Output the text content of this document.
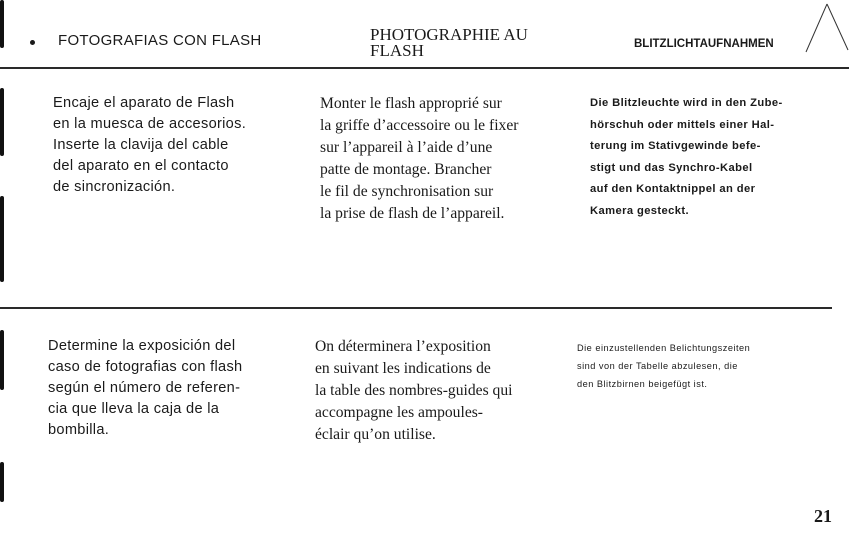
FOTOGRAFIAS CON FLASH	PHOTOGRAPHIE AU
FLASH	BLITZLICHTAUFNAHMEN
Encaje el aparato de Flash
en la muesca de accesorios.
Inserte la clavija del cable
del aparato en el contacto
de sincronización.
Monter le flash approprié sur
la griffe d’accessoire ou le fixer
sur l’appareil à l’aide d’une
patte de montage. Brancher
le fil de synchronisation sur
la prise de flash de l’appareil.
Die Blitzleuchte wird in den Zube-
hörschuh oder mittels einer Hal-
terung im Stativgewinde befe-
stigt und das Synchro-Kabel
auf den Kontaktnippel an der
Kamera gesteckt.
Determine la exposición del
caso de fotografias con flash
según el número de referen-
cia que lleva la caja de la
bombilla.
On déterminera l’exposition
en suivant les indications de
la table des nombres-guides qui
accompagne les ampoules-
éclair qu’on utilise.
Die einzustellenden Belichtungszeiten
sind von der Tabelle abzulesen, die
den Blitzbirnen beigefügt ist.
21
